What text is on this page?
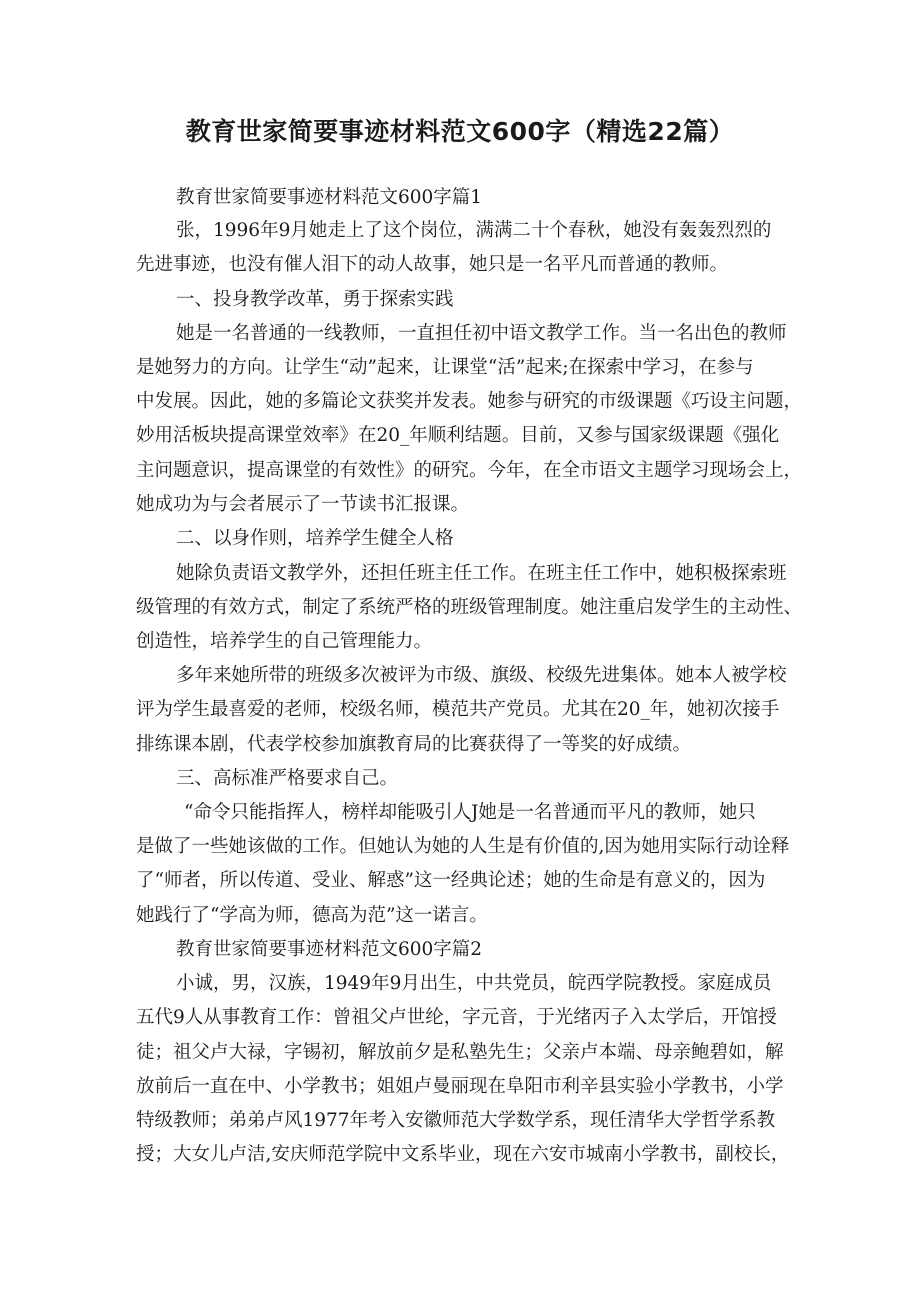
教育世家简要事迹材料范文600字（精选22篇）

教育世家简要事迹材料范文600字篇1

张，1996年9月她走上了这个岗位，满满二十个春秋，她没有轰轰烈烈的

先进事迹，也没有催人泪下的动人故事，她只是一名平凡而普通的教师。

一、投身教学改革，勇于探索实践

她是一名普通的一线教师，一直担任初中语文教学工作。当一名出色的教师

是她努力的方向。让学生“动”起来，让课堂“活”起来;在探索中学习，在参与

中发展。因此，她的多篇论文获奖并发表。她参与研究的市级课题《巧设主问题，

妙用活板块提高课堂效率》在20_年顺利结题。目前，又参与国家级课题《强化

主问题意识，提高课堂的有效性》的研究。今年，在全市语文主题学习现场会上，

她成功为与会者展示了一节读书汇报课。

二、以身作则，培养学生健全人格

她除负责语文教学外，还担任班主任工作。在班主任工作中，她积极探索班

级管理的有效方式，制定了系统严格的班级管理制度。她注重启发学生的主动性、

创造性，培养学生的自己管理能力。

多年来她所带的班级多次被评为市级、旗级、校级先进集体。她本人被学校

评为学生最喜爱的老师，校级名师，模范共产党员。尤其在20_年，她初次接手

排练课本剧，代表学校参加旗教育局的比赛获得了一等奖的好成绩。

三、高标准严格要求自己。

“命令只能指挥人，榜样却能吸引人J她是一名普通而平凡的教师，她只

是做了一些她该做的工作。但她认为她的人生是有价值的,因为她用实际行动诠释

了“师者，所以传道、受业、解惑”这一经典论述；她的生命是有意义的，因为

她践行了“学高为师，德高为范”这一诺言。

教育世家简要事迹材料范文600字篇2

小诚，男，汉族，1949年9月出生，中共党员，皖西学院教授。家庭成员

五代9人从事教育工作：曾祖父卢世纶，字元音，于光绪丙子入太学后，开馆授

徒；祖父卢大禄，字锡初，解放前夕是私塾先生；父亲卢本端、母亲鲍碧如，解

放前后一直在中、小学教书；姐姐卢曼丽现在阜阳市利辛县实验小学教书，小学

特级教师；弟弟卢风1977年考入安徽师范大学数学系，现任清华大学哲学系教

授；大女儿卢洁,安庆师范学院中文系毕业，现在六安市城南小学教书，副校长，
